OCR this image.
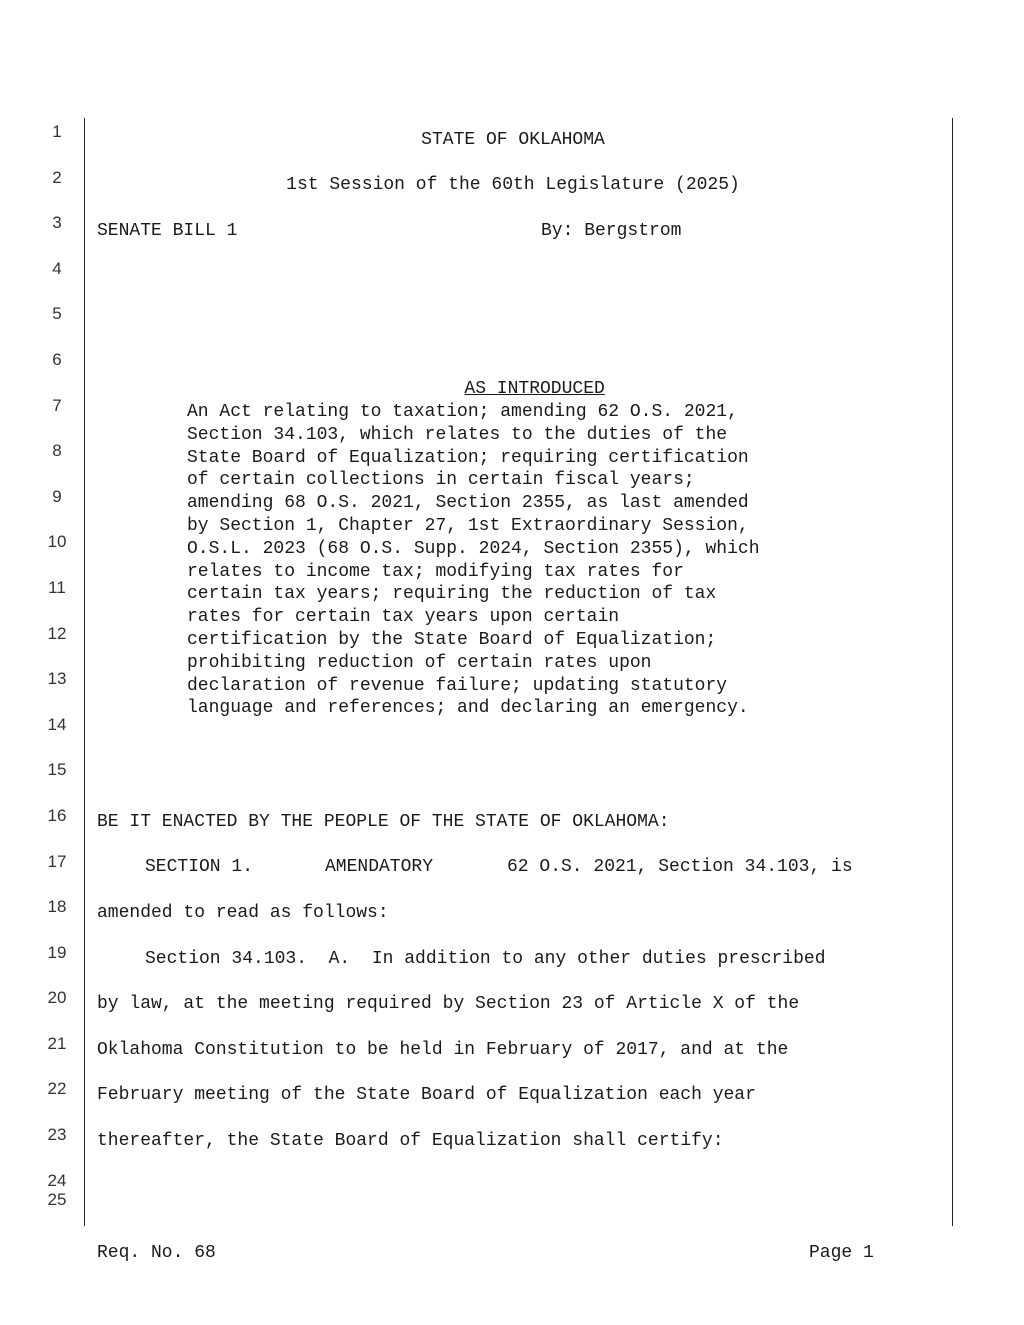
1
2
3
4
5
6
7
8
9
10
11
12
13
14
15
16
17
18
19
20
21
22
23
24
25
STATE OF OKLAHOMA
1st Session of the 60th Legislature (2025)
SENATE BILL 1	By: Bergstrom

AS INTRODUCED

An Act relating to taxation; amending 62 O.S. 2021,
Section 34.103, which relates to the duties of the
State Board of Equalization; requiring certification
of certain collections in certain fiscal years;
amending 68 O.S. 2021, Section 2355, as last amended
by Section 1, Chapter 27, 1st Extraordinary Session,
O.S.L. 2023 (68 O.S. Supp. 2024, Section 2355), which
relates to income tax; modifying tax rates for
certain tax years; requiring the reduction of tax
rates for certain tax years upon certain
certification by the State Board of Equalization;
prohibiting reduction of certain rates upon
declaration of revenue failure; updating statutory
language and references; and declaring an emergency.
BE IT ENACTED BY THE PEOPLE OF THE STATE OF OKLAHOMA:
SECTION 1.	AMENDATORY	62 O.S. 2021, Section 34.103, is
amended to read as follows:
Section 34.103.  A.  In addition to any other duties prescribed
by law, at the meeting required by Section 23 of Article X of the
Oklahoma Constitution to be held in February of 2017, and at the
February meeting of the State Board of Equalization each year
thereafter, the State Board of Equalization shall certify:
Req. No. 68	Page 1
